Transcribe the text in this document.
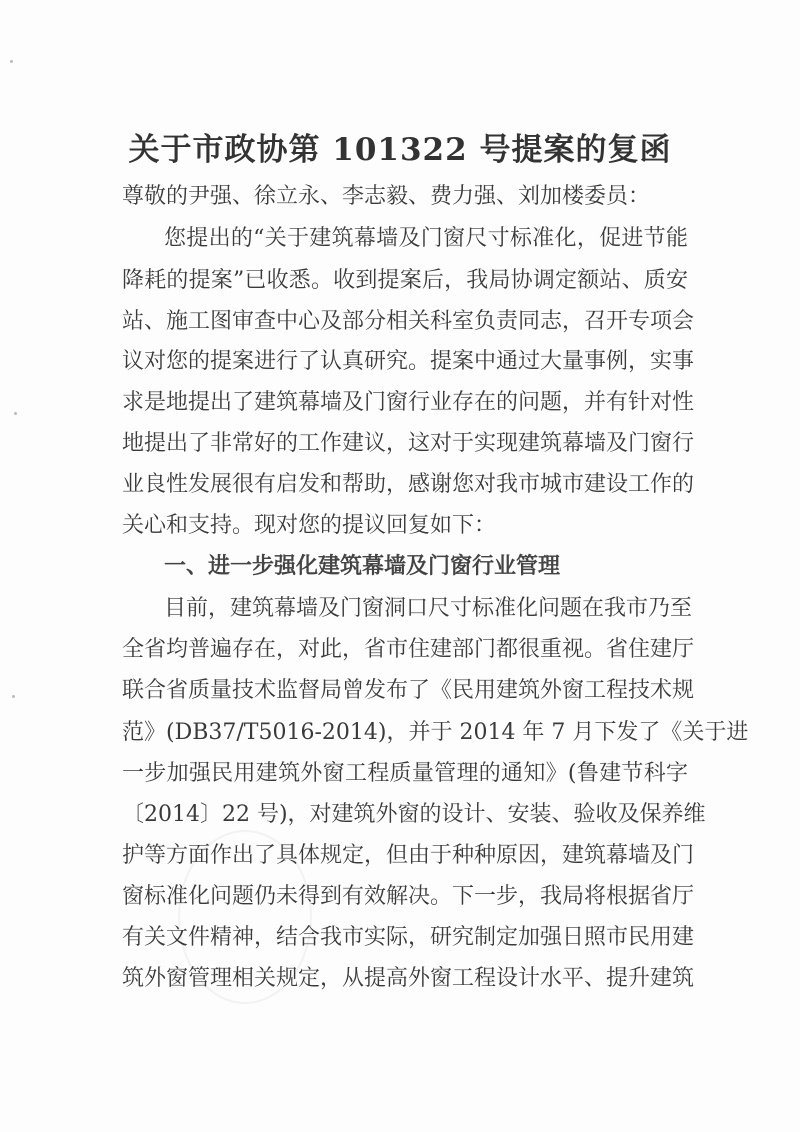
关于市政协第 101322 号提案的复函
尊敬的尹强、徐立永、李志毅、费力强、刘加楼委员：
您提出的“关于建筑幕墙及门窗尺寸标准化，促进节能
降耗的提案”已收悉。收到提案后，我局协调定额站、质安
站、施工图审查中心及部分相关科室负责同志，召开专项会
议对您的提案进行了认真研究。提案中通过大量事例，实事
求是地提出了建筑幕墙及门窗行业存在的问题，并有针对性
地提出了非常好的工作建议，这对于实现建筑幕墙及门窗行
业良性发展很有启发和帮助，感谢您对我市城市建设工作的
关心和支持。现对您的提议回复如下：
一、进一步强化建筑幕墙及门窗行业管理
目前，建筑幕墙及门窗洞口尺寸标准化问题在我市乃至
全省均普遍存在，对此，省市住建部门都很重视。省住建厅
联合省质量技术监督局曾发布了《民用建筑外窗工程技术规
范》(DB37/T5016-2014)，并于 2014 年 7 月下发了《关于进
一步加强民用建筑外窗工程质量管理的通知》(鲁建节科字
〔2014〕22 号)，对建筑外窗的设计、安装、验收及保养维
护等方面作出了具体规定，但由于种种原因，建筑幕墙及门
窗标准化问题仍未得到有效解决。下一步，我局将根据省厅
有关文件精神，结合我市实际，研究制定加强日照市民用建
筑外窗管理相关规定，从提高外窗工程设计水平、提升建筑
